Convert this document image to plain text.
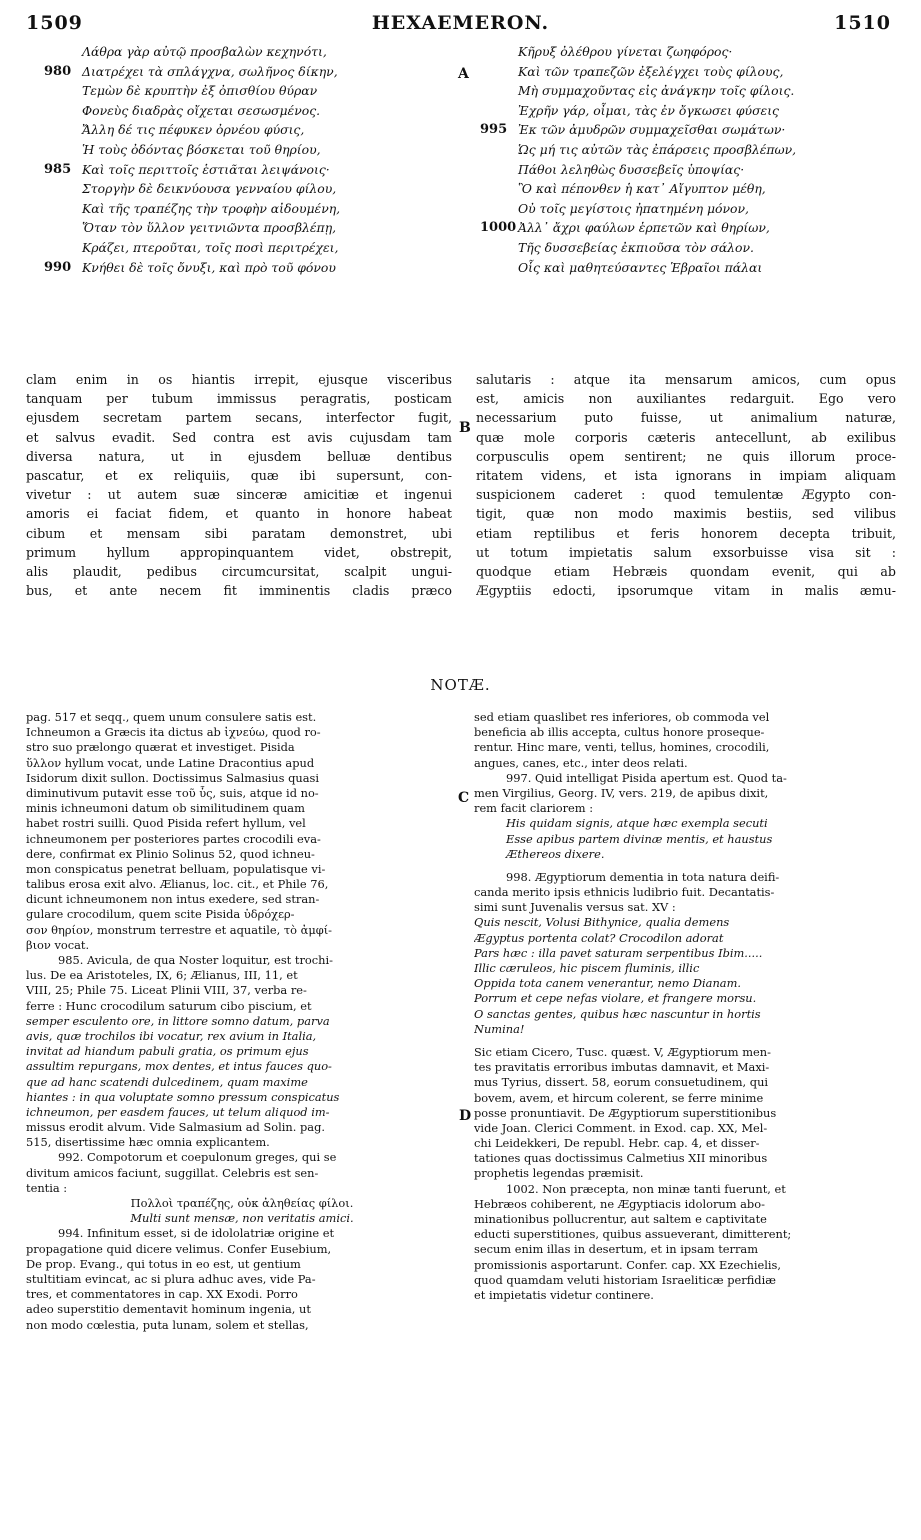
1509	HEXAEMERON.	1510
A
B
C
D
Λάθρα γὰρ αὐτῷ προσβαλὼν κεχηνότι,
980 Διατρέχει τὰ σπλάγχνα, σωλῆνος δίκην,
Τεμὼν δὲ κρυπτὴν ἐξ ὀπισθίου θύραν
Φονεὺς διαδρὰς οἴχεται σεσωσμένος.
Ἄλλη δέ τις πέφυκεν ὀρνέου φύσις,
Ἡ τοὺς ὀδόντας βόσκεται τοῦ θηρίου,
985 Καὶ τοῖς περιττοῖς ἑστιᾶται λειψάνοις·
Στοργὴν δὲ δεικνύουσα γενναίου φίλου,
Καὶ τῆς τραπέζης τὴν τροφὴν αἰδουμένη,
Ὅταν τὸν ὕλλον γειτνιῶντα προσβλέπῃ,
Κράζει, πτεροῦται, τοῖς ποσὶ περιτρέχει,
990 Κνήθει δὲ τοῖς ὄνυξι, καὶ πρὸ τοῦ φόνου
Κῆρυξ ὀλέθρου γίνεται ζωηφόρος·
Καὶ τῶν τραπεζῶν ἐξελέγχει τοὺς φίλους,
Μὴ συμμαχοῦντας εἰς ἀνάγκην τοῖς φίλοις.
Ἐχρῆν γάρ, οἶμαι, τὰς ἐν ὄγκωσει φύσεις
995 Ἐκ τῶν ἀμυδρῶν συμμαχεῖσθαι σωμάτων·
Ὡς μή τις αὐτῶν τὰς ἐπάρσεις προσβλέπων,
Πάθοι λεληθὼς δυσσεβεῖς ὑποψίας·
Ὃ καὶ πέπονθεν ἡ κατ᾽ Αἴγυπτον μέθη,
Οὐ τοῖς μεγίστοις ἠπατημένη μόνον,
1000 Ἀλλ᾽ ἄχρι φαύλων ἑρπετῶν καὶ θηρίων,
Τῆς δυσσεβείας ἐκπιοῦσα τὸν σάλον.
Οἷς καὶ μαθητεύσαντες Ἑβραῖοι πάλαι
clam enim in os hiantis irrepit, ejusque visceribus
tanquam per tubum immissus peragratis, posticam
ejusdem secretam partem secans, interfector fugit,
et salvus evadit. Sed contra est avis cujusdam tam
diversa natura, ut in ejusdem belluæ dentibus
pascatur, et ex reliquiis, quæ ibi supersunt, con-
vivetur : ut autem suæ sinceræ amicitiæ et ingenui
amoris ei faciat fidem, et quanto in honore habeat
cibum et mensam sibi paratam demonstret, ubi
primum hyllum appropinquantem videt, obstrepit,
alis plaudit, pedibus circumcursitat, scalpit ungui-
bus, et ante necem fit imminentis cladis præco
salutaris : atque ita mensarum amicos, cum opus
est, amicis non auxiliantes redarguit. Ego vero
necessarium puto fuisse, ut animalium naturæ,
quæ mole corporis cæteris antecellunt, ab exilibus
corpusculis opem sentirent; ne quis illorum proce-
ritatem videns, et ista ignorans in impiam aliquam
suspicionem caderet : quod temulentæ Ægypto con-
tigit, quæ non modo maximis bestiis, sed vilibus
etiam reptilibus et feris honorem decepta tribuit,
ut totum impietatis salum exsorbuisse visa sit :
quodque etiam Hebræis quondam evenit, qui ab
Ægyptiis edocti, ipsorumque vitam in malis æmu-
NOTÆ.
pag. 517 et seqq., quem unum consulere satis est.
Ichneumon a Græcis ita dictus ab ἰχνεύω, quod ro-
stro suo prælongo quærat et investiget. Pisida
ὕλλον hyllum vocat, unde Latine Dracontius apud
Isidorum dixit sullon. Doctissimus Salmasius quasi
diminutivum putavit esse τοῦ ὗς, suis, atque id no-
minis ichneumoni datum ob similitudinem quam
habet rostri suilli. Quod Pisida refert hyllum, vel
ichneumonem per posteriores partes crocodili eva-
dere, confirmat ex Plinio Solinus 52, quod ichneu-
mon conspicatus penetrat belluam, populatisque vi-
talibus erosa exit alvo. Ælianus, loc. cit., et Phile 76,
dicunt ichneumonem non intus exedere, sed stran-
gulare crocodilum, quem scite Pisida ὑδρόχερ-
σον θηρίον, monstrum terrestre et aquatile, τὸ ἀμφί-
βιον vocat.
985. Avicula, de qua Noster loquitur, est trochi-
lus. De ea Aristoteles, IX, 6; Ælianus, III, 11, et
VIII, 25; Phile 75. Liceat Plinii VIII, 37, verba re-
ferre : Hunc crocodilum saturum cibo piscium, et
semper esculento ore, in littore somno datum, parva
avis, quæ trochilos ibi vocatur, rex avium in Italia,
invitat ad hiandum pabuli gratia, os primum ejus
assultim repurgans, mox dentes, et intus fauces quo-
que ad hanc scatendi dulcedinem, quam maxime
hiantes : in qua voluptate somno pressum conspicatus
ichneumon, per easdem fauces, ut telum aliquod im-
missus erodit alvum. Vide Salmasium ad Solin. pag.
515, disertissime hæc omnia explicantem.
992. Compotorum et coepulonum greges, qui se
divitum amicos faciunt, suggillat. Celebris est sen-
tentia :
Πολλοὶ τραπέζης, οὐκ ἀληθείας φίλοι.
Multi sunt mensæ, non veritatis amici.
994. Infinitum esset, si de idololatriæ origine et
propagatione quid dicere velimus. Confer Eusebium,
De prop. Evang., qui totus in eo est, ut gentium
stultitiam evincat, ac si plura adhuc aves, vide Pa-
tres, et commentatores in cap. XX Exodi. Porro
adeo superstitio dementavit hominum ingenia, ut
non modo cœlestia, puta lunam, solem et stellas,
sed etiam quaslibet res inferiores, ob commoda vel
beneficia ab illis accepta, cultus honore prosequе-
rentur. Hinc mare, venti, tellus, homines, crocodili,
angues, canes, etc., inter deos relati.
997. Quid intelligat Pisida apertum est. Quod ta-
men Virgilius, Georg. IV, vers. 219, de apibus dixit,
rem facit clariorem :
His quidam signis, atque hæc exempla secuti
Esse apibus partem divinæ mentis, et haustus
Æthereos dixere.
998. Ægyptiorum dementia in tota natura deifi-
canda merito ipsis ethnicis ludibrio fuit. Decantatis-
simi sunt Juvenalis versus sat. XV :
Quis nescit, Volusi Bithynice, qualia demens
Ægyptus portenta colat? Crocodilon adorat
Pars hæc : illa pavet saturam serpentibus Ibim.....
Illic cæruleos, hic piscem fluminis, illic
Oppida tota canem venerantur, nemo Dianam.
Porrum et cepe nefas violare, et frangere morsu.
O sanctas gentes, quibus hæc nascuntur in hortis
Numina!
Sic etiam Cicero, Tusc. quæst. V, Ægyptiorum men-
tes pravitatis erroribus imbutas damnavit, et Maxi-
mus Tyrius, dissert. 58, eorum consuetudinem, qui
bovem, avem, et hircum colerent, se ferre minime
posse pronuntiavit. De Ægyptiorum superstitionibus
vide Joan. Clerici Comment. in Exod. cap. XX, Mel-
chi Leidekkeri, De republ. Hebr. cap. 4, et disser-
tationes quas doctissimus Calmetius XII minoribus
prophetis legendas præmisit.
1002. Non præcepta, non minæ tanti fuerunt, et
Hebræos cohiberent, ne Ægyptiacis idolorum abo-
minationibus pollucrentur, aut saltem e captivitate
educti superstitiones, quibus assueverant, dimitterent;
secum enim illas in desertum, et in ipsam terram
promissionis asportarunt. Confer. cap. XX Ezechielis,
quod quamdam veluti historiam Israeliticæ perfidiæ
et impietatis videtur continere.
